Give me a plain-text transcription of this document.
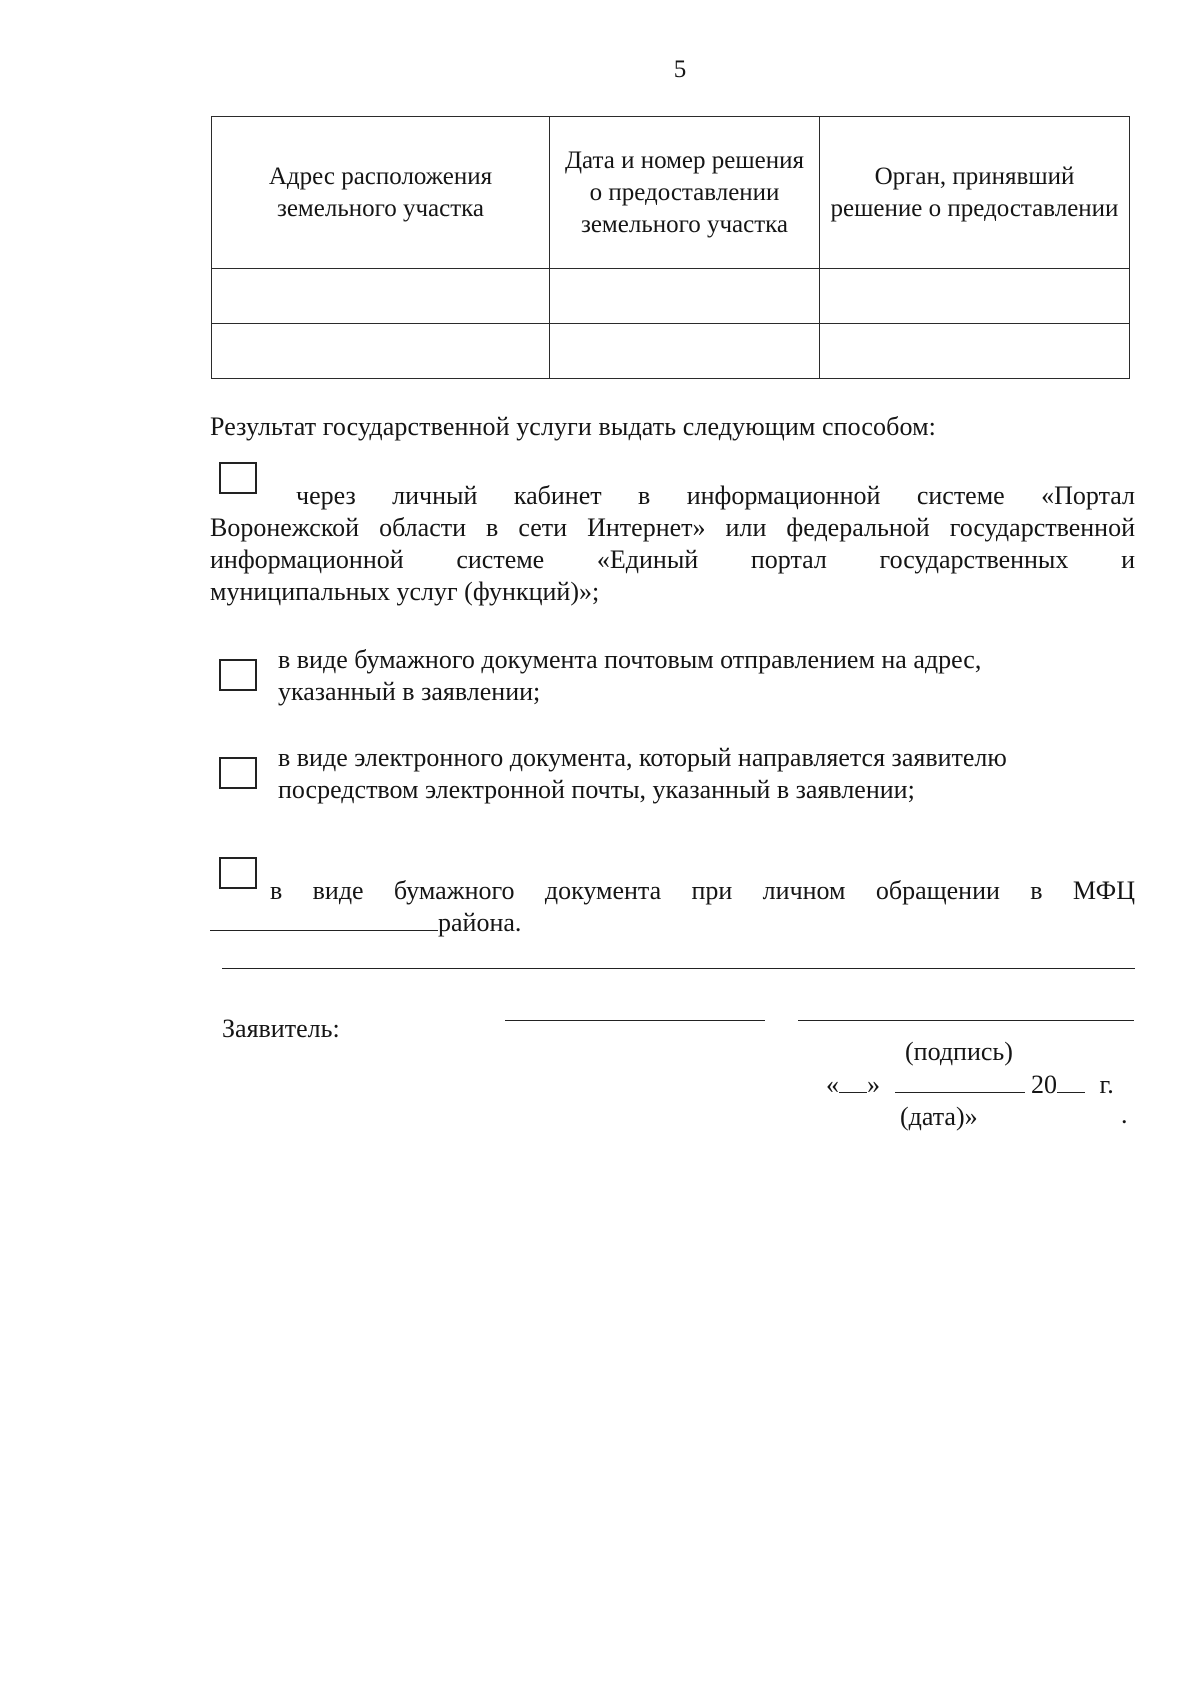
5
Адрес расположения земельного участка	Дата и номер решения о предоставлении земельного участка	Орган, принявший решение о предоставлении

Результат государственной услуги выдать следующим способом:
через личный кабинет в информационной системе «Портал
Воронежской области в сети Интернет» или федеральной государственной
информационной системе «Единый портал государственных и
муниципальных услуг (функций)»;
в виде бумажного документа почтовым отправлением на адрес,
указанный в заявлении;
в виде электронного документа, который направляется заявителю
посредством электронной почты, указанный в заявлении;
в виде бумажного документа при личном обращении в МФЦ
района.
Заявитель:
(подпись)
« »	20 г.
(дата)»	.
